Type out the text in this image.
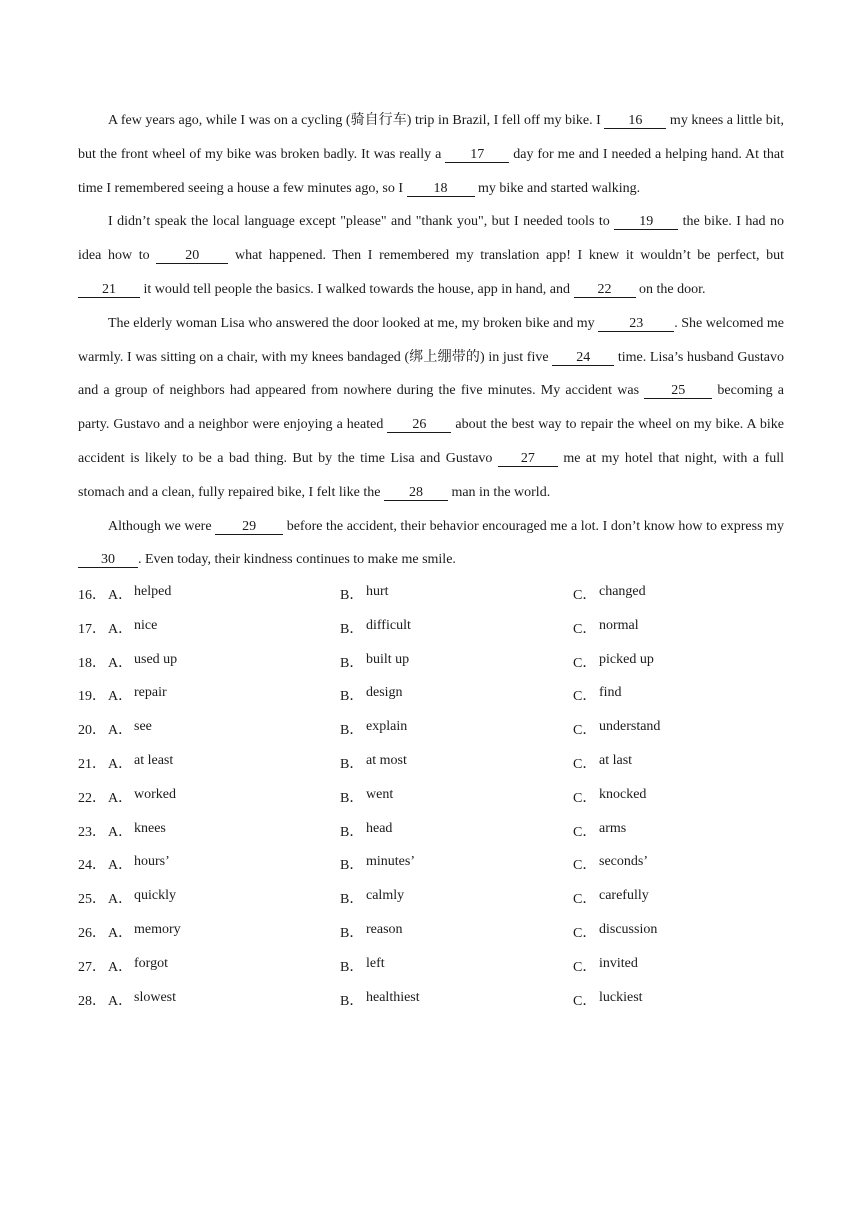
A few years ago, while I was on a cycling (骑自行车) trip in Brazil, I fell off my bike. I 16 my knees a little bit, but the front wheel of my bike was broken badly. It was really a 17 day for me and I needed a helping hand. At that time I remembered seeing a house a few minutes ago, so I 18 my bike and started walking.

I didn’t speak the local language except "please" and "thank you", but I needed tools to 19 the bike. I had no idea how to 20 what happened. Then I remembered my translation app! I knew it wouldn’t be perfect, but 21 it would tell people the basics. I walked towards the house, app in hand, and 22 on the door.

The elderly woman Lisa who answered the door looked at me, my broken bike and my 23 . She welcomed me warmly. I was sitting on a chair, with my knees bandaged (绑上绷带的) in just five 24 time. Lisa’s husband Gustavo and a group of neighbors had appeared from nowhere during the five minutes. My accident was 25 becoming a party. Gustavo and a neighbor were enjoying a heated 26 about the best way to repair the wheel on my bike. A bike accident is likely to be a bad thing. But by the time Lisa and Gustavo 27 me at my hotel that night, with a full stomach and a clean, fully repaired bike, I felt like the 28 man in the world.

Although we were 29 before the accident, their behavior encouraged me a lot. I don’t know how to express my 30 . Even today, their kindness continues to make me smile.

16． A． helped	B． hurt	C． changed
17． A． nice	B． difficult	C． normal
18． A． used up	B． built up	C． picked up
19． A． repair	B． design	C． find
20． A． see	B． explain	C． understand
21． A． at least	B． at most	C． at last
22． A． worked	B． went	C． knocked
23． A． knees	B． head	C． arms
24． A． hours’	B． minutes’	C． seconds’
25． A． quickly	B． calmly	C． carefully
26． A． memory	B． reason	C． discussion
27． A． forgot	B． left	C． invited
28． A． slowest	B． healthiest	C． luckiest
